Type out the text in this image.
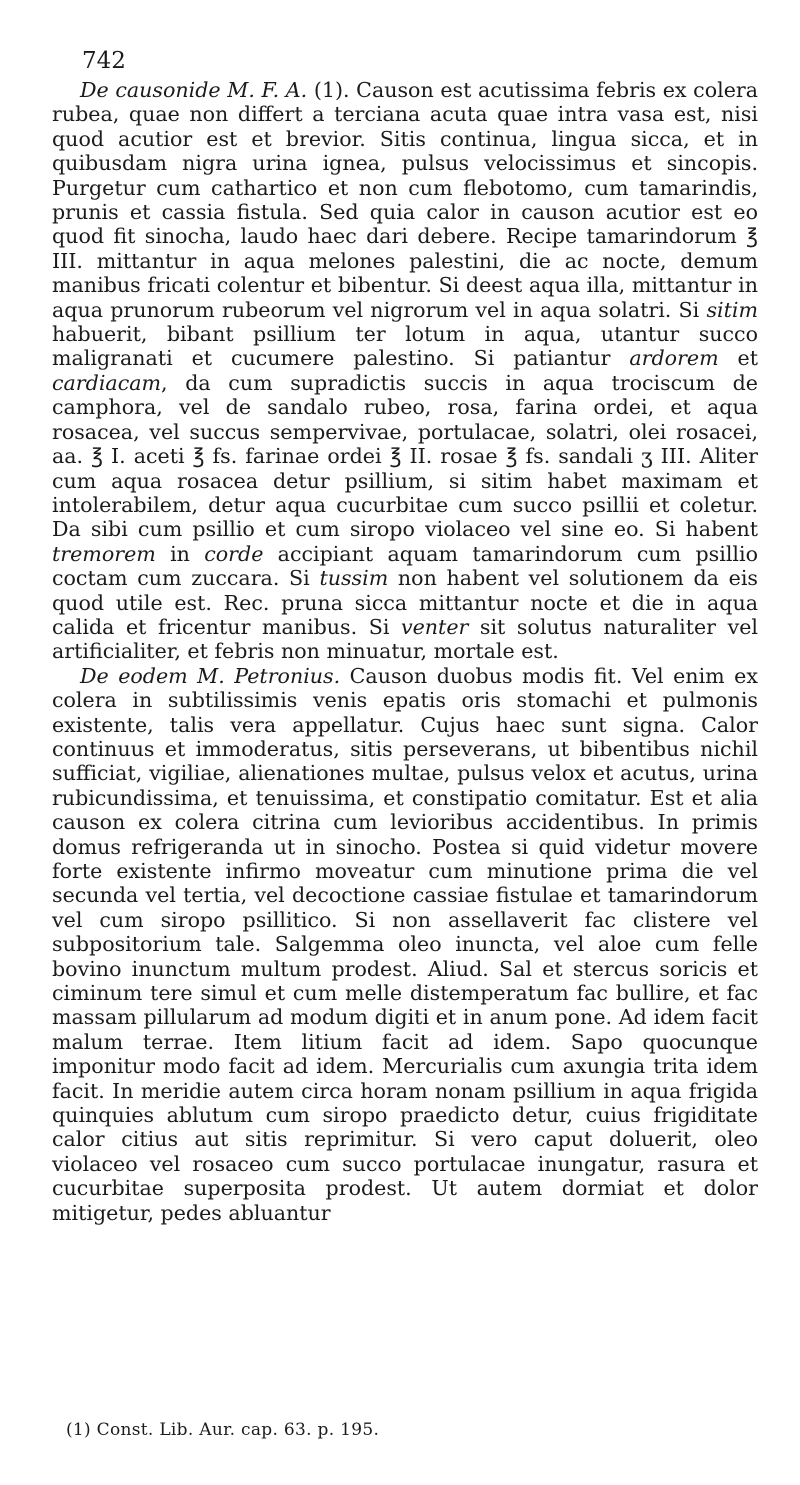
742

De causonide M. F. A. (1). Causon est acutissima febris ex colera rubea, quae non differt a terciana acuta quae intra vasa est, nisi quod acutior est et brevior. Sitis continua, lingua sicca, et in quibusdam nigra urina ignea, pulsus velocissimus et sincopis. Purgetur cum cathartico et non cum flebotomo, cum tamarindis, prunis et cassia fistula. Sed quia calor in causon acutior est eo quod fit sinocha, laudo haec dari debere. Recipe tamarindorum ℥ III. mittantur in aqua melones palestini, die ac nocte, demum manibus fricati colentur et bibentur. Si deest aqua illa, mittantur in aqua prunorum rubeorum vel nigrorum vel in aqua solatri. Si sitim habuerit, bibant psillium ter lotum in aqua, utantur succo maligranati et cucumere palestino. Si patiantur ardorem et cardiacam, da cum supradictis succis in aqua trociscum de camphora, vel de sandalo rubeo, rosa, farina ordei, et aqua rosacea, vel succus sempervivae, portulacae, solatri, olei rosacei, aa. ℥ I. aceti ℥ fs. farinae ordei ℥ II. rosae ℥ fs. sandali ʒ III. Aliter cum aqua rosacea detur psillium, si sitim habet maximam et intolerabilem, detur aqua cucurbitae cum succo psillii et coletur. Da sibi cum psillio et cum siropo violaceo vel sine eo. Si habent tremorem in corde accipiant aquam tamarindorum cum psillio coctam cum zuccara. Si tussim non habent vel solutionem da eis quod utile est. Rec. pruna sicca mittantur nocte et die in aqua calida et fricentur manibus. Si venter sit solutus naturaliter vel artificialiter, et febris non minuatur, mortale est.

De eodem M. Petronius. Causon duobus modis fit. Vel enim ex colera in subtilissimis venis epatis oris stomachi et pulmonis existente, talis vera appellatur. Cujus haec sunt signa. Calor continuus et immoderatus, sitis perseverans, ut bibentibus nichil sufficiat, vigiliae, alienationes multae, pulsus velox et acutus, urina rubicundissima, et tenuissima, et constipatio comitatur. Est et alia causon ex colera citrina cum levioribus accidentibus. In primis domus refrigeranda ut in sinocho. Postea si quid videtur movere forte existente infirmo moveatur cum minutione prima die vel secunda vel tertia, vel decoctione cassiae fistulae et tamarindorum vel cum siropo psillitico. Si non assellaverit fac clistere vel subpositorium tale. Salgemma oleo inuncta, vel aloe cum felle bovino inunctum multum prodest. Aliud. Sal et stercus soricis et ciminum tere simul et cum melle distemperatum fac bullire, et fac massam pillularum ad modum digiti et in anum pone. Ad idem facit malum terrae. Item litium facit ad idem. Sapo quocunque imponitur modo facit ad idem. Mercurialis cum axungia trita idem facit. In meridie autem circa horam nonam psillium in aqua frigida quinquies ablutum cum siropo praedicto detur, cuius frigiditate calor citius aut sitis reprimitur. Si vero caput doluerit, oleo violaceo vel rosaceo cum succo portulacae inungatur, rasura et cucurbitae superposita prodest. Ut autem dormiat et dolor mitigetur, pedes abluantur

(1) Const. Lib. Aur. cap. 63. p. 195.
